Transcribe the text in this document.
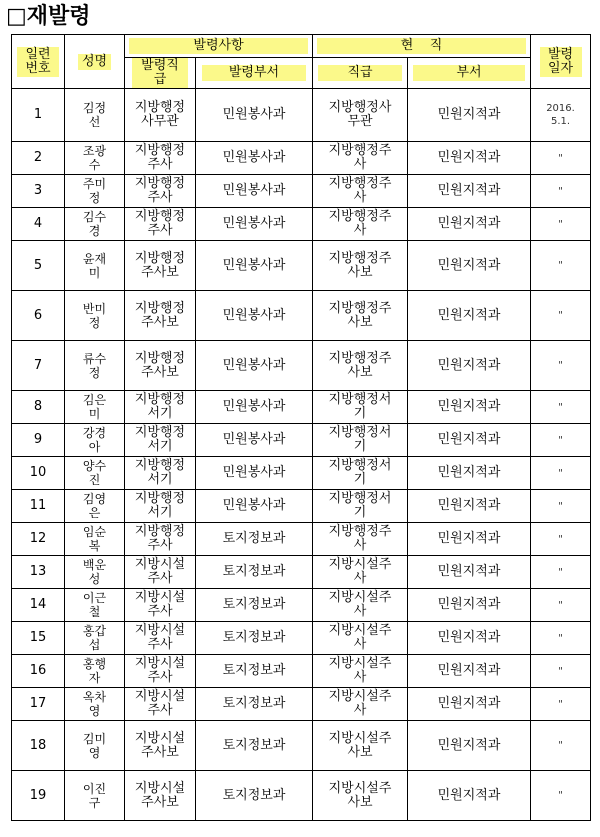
□재발령
일련번호	성명	발령사항		현    직		발령일자
		발령직급	발령부서	직급	부서	
1	김정선	지방행정사무관	민원봉사과	지방행정사무관	민원지적과	2016. 5.1.
2	조광수	지방행정주사	민원봉사과	지방행정주사	민원지적과	"
3	주미정	지방행정주사	민원봉사과	지방행정주사	민원지적과	"
4	김수경	지방행정주사	민원봉사과	지방행정주사	민원지적과	"
5	윤재미	지방행정주사보	민원봉사과	지방행정주사보	민원지적과	"
6	반미정	지방행정주사보	민원봉사과	지방행정주사보	민원지적과	"
7	류수정	지방행정주사보	민원봉사과	지방행정주사보	민원지적과	"
8	김은미	지방행정서기	민원봉사과	지방행정서기	민원지적과	"
9	강경아	지방행정서기	민원봉사과	지방행정서기	민원지적과	"
10	양수진	지방행정서기	민원봉사과	지방행정서기	민원지적과	"
11	김영은	지방행정서기	민원봉사과	지방행정서기	민원지적과	"
12	임순복	지방행정주사	토지정보과	지방행정주사	민원지적과	"
13	백운성	지방시설주사	토지정보과	지방시설주사	민원지적과	"
14	이근철	지방시설주사	토지정보과	지방시설주사	민원지적과	"
15	홍갑섭	지방시설주사	토지정보과	지방시설주사	민원지적과	"
16	홍행자	지방시설주사	토지정보과	지방시설주사	민원지적과	"
17	옥차영	지방시설주사	토지정보과	지방시설주사	민원지적과	"
18	김미영	지방시설주사보	토지정보과	지방시설주사보	민원지적과	"
19	이진구	지방시설주사보	토지정보과	지방시설주사보	민원지적과	"
